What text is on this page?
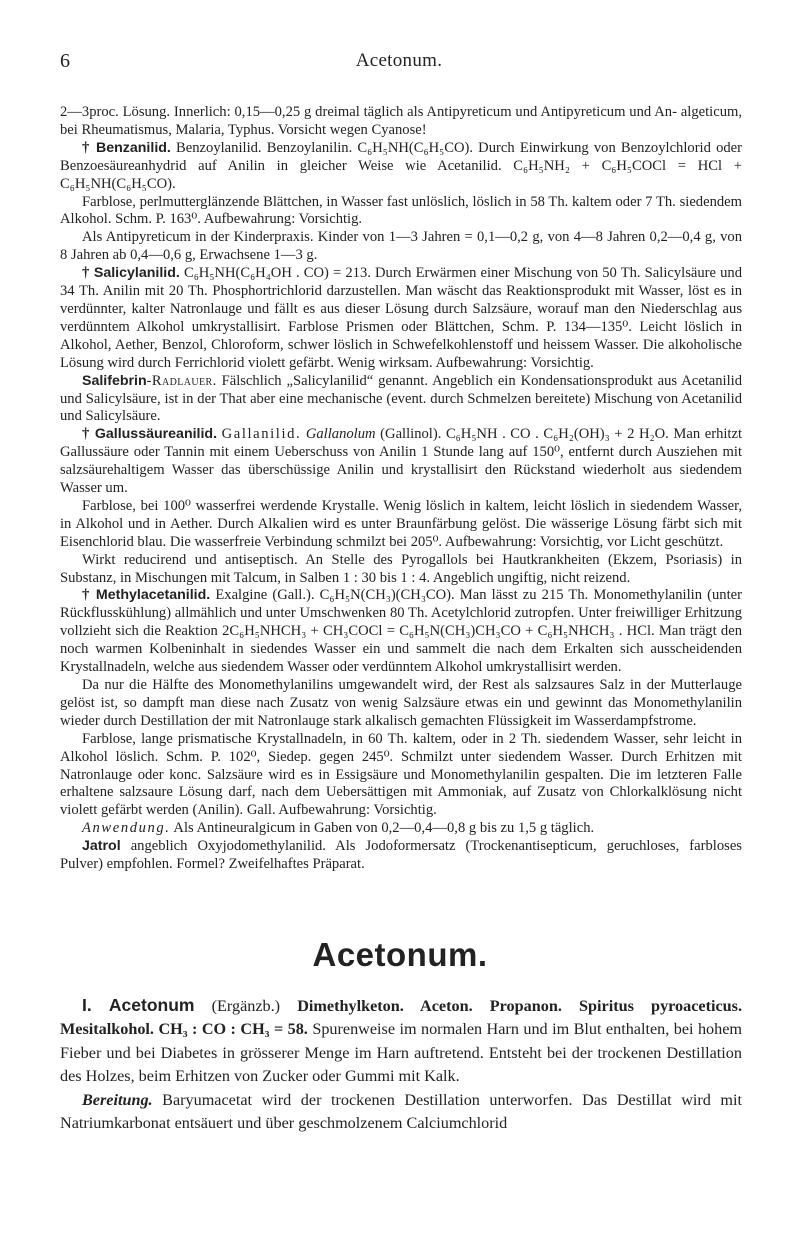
6	Acetonum.

2—3proc. Lösung. Innerlich: 0,15—0,25 g dreimal täglich als Antipyreticum und Antipyreticum und An- algeticum, bei Rheumatismus, Malaria, Typhus. Vorsicht wegen Cyanose!

† Benzanilid. Benzoylanilid. Benzoylanilin. C₆H₅NH(C₆H₅CO). Durch Einwirkung von Benzoylchlorid oder Benzoesäureanhydrid auf Anilin in gleicher Weise wie Acetanilid. C₆H₅NH₂ + C₆H₅COCl = HCl + C₆H₅NH(C₆H₅CO).

Farblose, perlmutterglänzende Blättchen, in Wasser fast unlöslich, löslich in 58 Th. kaltem oder 7 Th. siedendem Alkohol. Schm. P. 163⁰. Aufbewahrung: Vorsichtig.

Als Antipyreticum in der Kinderpraxis. Kinder von 1—3 Jahren = 0,1—0,2 g, von 4—8 Jahren 0,2—0,4 g, von 8 Jahren ab 0,4—0,6 g, Erwachsene 1—3 g.

† Salicylanilid. C₆H₅NH(C₆H₄OH . CO) = 213. Durch Erwärmen einer Mischung von 50 Th. Salicylsäure und 34 Th. Anilin mit 20 Th. Phosphortrichlorid darzustellen. Man wäscht das Reaktionsprodukt mit Wasser, löst es in verdünnter, kalter Natronlauge und fällt es aus dieser Lösung durch Salzsäure, worauf man den Niederschlag aus verdünntem Alkohol umkrystallisirt. Farblose Prismen oder Blättchen, Schm. P. 134—135⁰. Leicht löslich in Alkohol, Aether, Benzol, Chloroform, schwer löslich in Schwefelkohlenstoff und heissem Wasser. Die alkoholische Lösung wird durch Ferrichlorid violett gefärbt. Wenig wirksam. Aufbewahrung: Vorsichtig.

Salifebrin-Radlauer. Fälschlich „Salicylanilid“ genannt. Angeblich ein Kondensationsprodukt aus Acetanilid und Salicylsäure, ist in der That aber eine mechanische (event. durch Schmelzen bereitete) Mischung von Acetanilid und Salicylsäure.

† Gallussäureanilid. Gallanilid. Gallanolum (Gallinol). C₆H₅NH . CO . C₆H₂(OH)₃ + 2 H₂O. Man erhitzt Gallussäure oder Tannin mit einem Ueberschuss von Anilin 1 Stunde lang auf 150⁰, entfernt durch Ausziehen mit salzsäurehaltigem Wasser das überschüssige Anilin und krystallisirt den Rückstand wiederholt aus siedendem Wasser um.

Farblose, bei 100⁰ wasserfrei werdende Krystalle. Wenig löslich in kaltem, leicht löslich in siedendem Wasser, in Alkohol und in Aether. Durch Alkalien wird es unter Braunfärbung gelöst. Die wässerige Lösung färbt sich mit Eisenchlorid blau. Die wasserfreie Verbindung schmilzt bei 205⁰. Aufbewahrung: Vorsichtig, vor Licht geschützt.

Wirkt reducirend und antiseptisch. An Stelle des Pyrogallols bei Hautkrankheiten (Ekzem, Psoriasis) in Substanz, in Mischungen mit Talcum, in Salben 1 : 30 bis 1 : 4. Angeblich ungiftig, nicht reizend.

† Methylacetanilid. Exalgine (Gall.). C₆H₅N(CH₃)(CH₃CO). Man lässt zu 215 Th. Monomethylanilin (unter Rückflusskühlung) allmählich und unter Umschwenken 80 Th. Acetylchlorid zutropfen. Unter freiwilliger Erhitzung vollzieht sich die Reaktion 2C₆H₅NHCH₃ + CH₃COCl = C₆H₅N(CH₃)CH₃CO + C₆H₅NHCH₃ . HCl. Man trägt den noch warmen Kolbeninhalt in siedendes Wasser ein und sammelt die nach dem Erkalten sich ausscheidenden Krystallnadeln, welche aus siedendem Wasser oder verdünntem Alkohol umkrystallisirt werden.

Da nur die Hälfte des Monomethylanilins umgewandelt wird, der Rest als salzsaures Salz in der Mutterlauge gelöst ist, so dampft man diese nach Zusatz von wenig Salzsäure etwas ein und gewinnt das Monomethylanilin wieder durch Destillation der mit Natronlauge stark alkalisch gemachten Flüssigkeit im Wasserdampfstrome.

Farblose, lange prismatische Krystallnadeln, in 60 Th. kaltem, oder in 2 Th. siedendem Wasser, sehr leicht in Alkohol löslich. Schm. P. 102⁰, Siedep. gegen 245⁰. Schmilzt unter siedendem Wasser. Durch Erhitzen mit Natronlauge oder konc. Salzsäure wird es in Essigsäure und Monomethylanilin gespalten. Die im letzteren Falle erhaltene salzsaure Lösung darf, nach dem Uebersättigen mit Ammoniak, auf Zusatz von Chlorkalklösung nicht violett gefärbt werden (Anilin). Gall. Aufbewahrung: Vorsichtig.

Anwendung. Als Antineuralgicum in Gaben von 0,2—0,4—0,8 g bis zu 1,5 g täglich.

Jatrol angeblich Oxyjodomethylanilid. Als Jodoformersatz (Trockenantisepticum, geruchloses, farbloses Pulver) empfohlen. Formel? Zweifelhaftes Präparat.

Acetonum.

I. Acetonum (Ergänzb.) Dimethylketon. Aceton. Propanon. Spiritus pyroaceticus. Mesitalkohol. CH₃ : CO : CH₃ = 58. Spurenweise im normalen Harn und im Blut enthalten, bei hohem Fieber und bei Diabetes in grösserer Menge im Harn auftretend. Entsteht bei der trockenen Destillation des Holzes, beim Erhitzen von Zucker oder Gummi mit Kalk.

Bereitung. Baryumacetat wird der trockenen Destillation unterworfen. Das Destillat wird mit Natriumkarbonat entsäuert und über geschmolzenem Calciumchlorid
